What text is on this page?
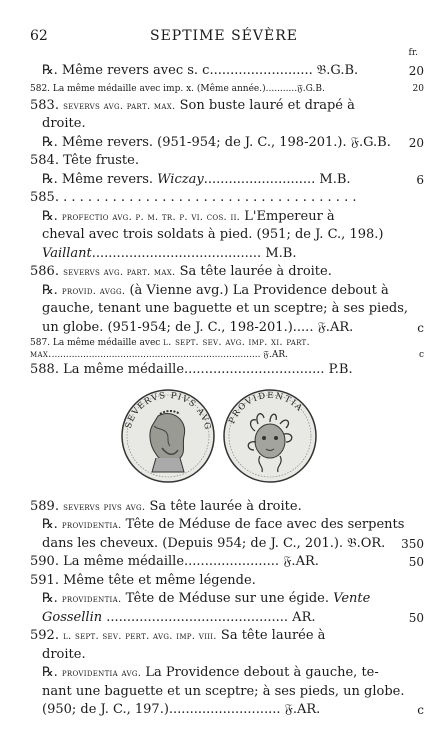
62	SEPTIME SÉVÈRE
fr.
℞. Même revers avec s. c......................... 𝔅.G.B.	20
582. La même médaille avec imp. x. (Même année.)...........𝔉.G.B.	20
583. severvs avg. part. max. Son buste lauré et drapé à
droite.
℞. Même revers. (951-954; de J. C., 198-201.). 𝔉.G.B. 20
584. Tête fruste.
℞. Même revers. Wiczay........................... M.B.	6
585. . . . . . . . . . . . . . . . . . . . . . . . . . . . . . . . . . . . .
℞. profectio avg. p. m. tr. p. vi. cos. ii. L'Empereur à
cheval avec trois soldats à pied. (951; de J. C., 198.)
Vaillant......................................... M.B.
586. severvs avg. part. max. Sa tête laurée à droite.
℞. provid. avgg. (à Vienne avg.) La Providence debout à
gauche, tenant une baguette et un sceptre; à ses pieds,
un globe. (951-954; de J. C., 198-201.)..... 𝔉.AR.	c
587. La même médaille avec l. sept. sev. avg. imp. xi. part.
max.......................................................................... 𝔉.AR.	c
588. La même médaille.................................. P.B.
SEVERVS PIVS AVG
PROVIDENTIA
589. severvs pivs avg. Sa tête laurée à droite.
℞. providentia. Tête de Méduse de face avec des serpents
dans les cheveux. (Depuis 954; de J. C., 201.). 𝔅.OR. 350
590. La même médaille....................... 𝔉.AR.	50
591. Même tête et même légende.
℞. providentia. Tête de Méduse sur une égide. Vente
Gossellin ............................................ AR.	50
592. l. sept. sev. pert. avg. imp. viii. Sa tête laurée à
droite.
℞. providentia avg. La Providence debout à gauche, te-
nant une baguette et un sceptre; à ses pieds, un globe.
(950; de J. C., 197.)........................... 𝔉.AR.	c
